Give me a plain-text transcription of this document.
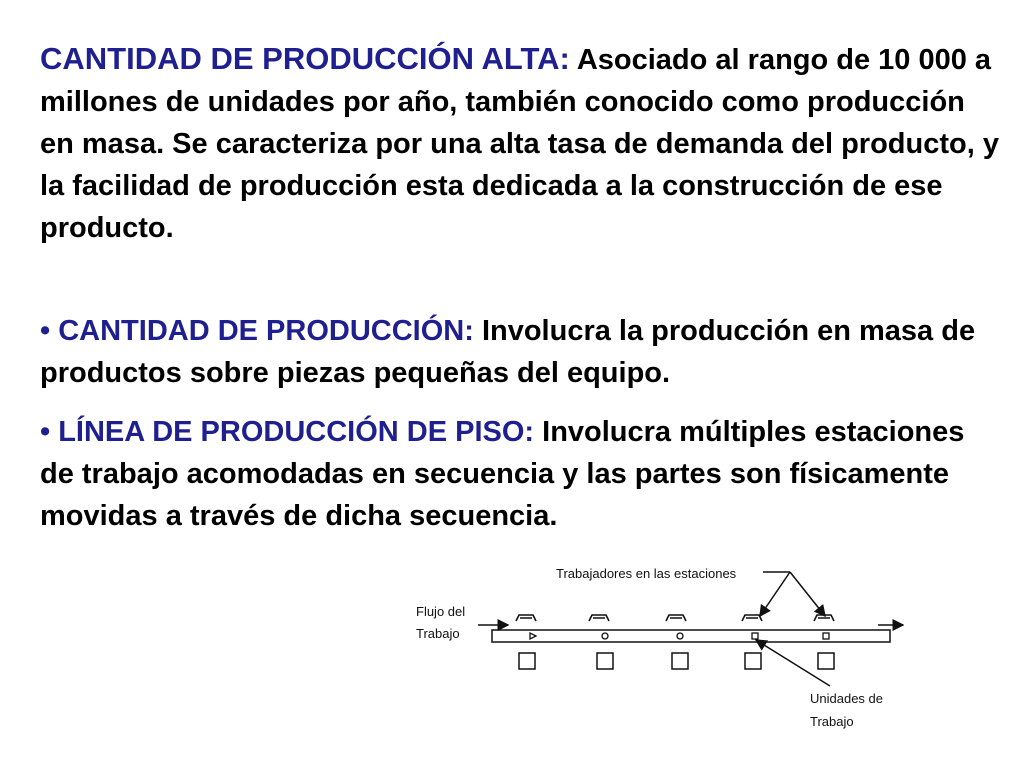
CANTIDAD DE PRODUCCIÓN ALTA: Asociado al rango de 10 000 a millones de unidades por año, también conocido como producción en masa. Se caracteriza por una alta tasa de demanda del producto, y la facilidad de producción esta dedicada a la construcción de ese producto.
• CANTIDAD DE PRODUCCIÓN: Involucra la producción en masa de productos sobre piezas pequeñas del equipo.
• LÍNEA DE PRODUCCIÓN DE PISO: Involucra múltiples estaciones de trabajo acomodadas en secuencia y las partes son físicamente movidas a través de dicha secuencia.
Trabajadores en las estaciones
Flujo del
Trabajo
Unidades de
Trabajo
